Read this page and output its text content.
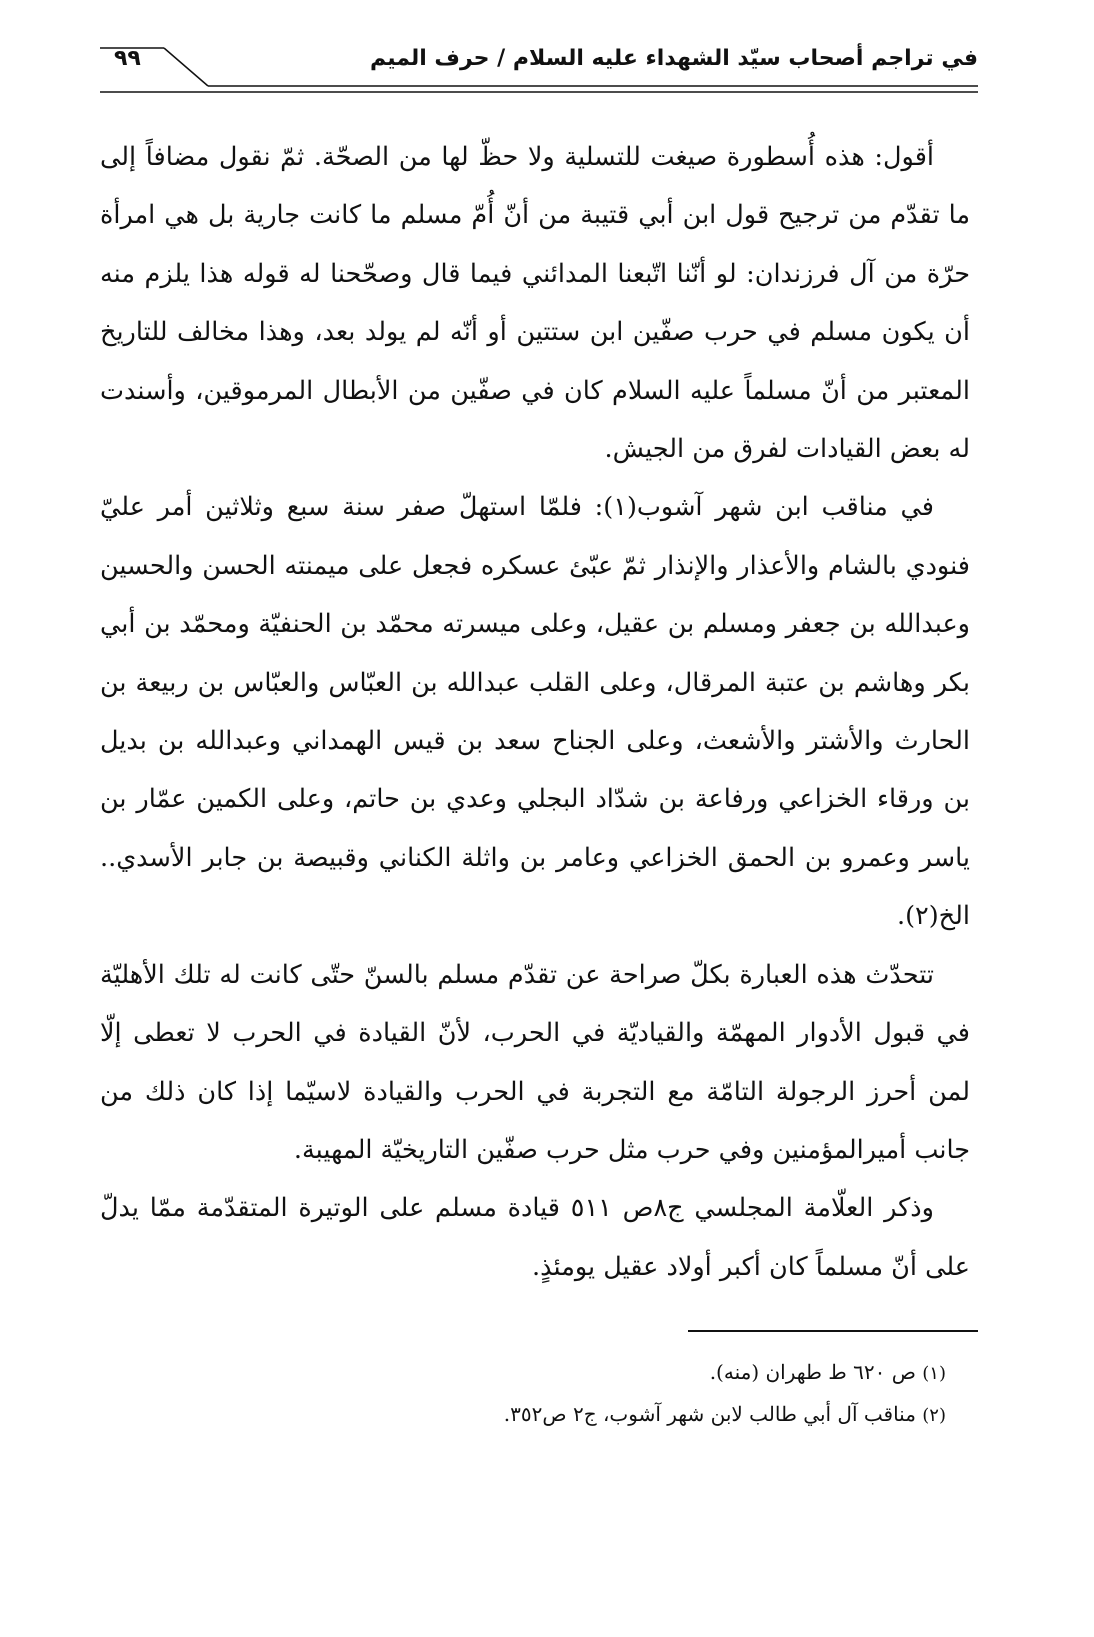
في تراجم أصحاب سيّد الشهداء عليه السلام / حرف الميم
٩٩

أقول: هذه أُسطورة صيغت للتسلية ولا حظّ لها من الصحّة. ثمّ نقول مضافاً إلى ما تقدّم من ترجيح قول ابن أبي قتيبة من أنّ أُمّ مسلم ما كانت جارية بل هي امرأة حرّة من آل فرزندان: لو أنّنا اتّبعنا المدائني فيما قال وصحّحنا له قوله هذا يلزم منه أن يكون مسلم في حرب صفّين ابن ستتين أو أنّه لم يولد بعد، وهذا مخالف للتاريخ المعتبر من أنّ مسلماً عليه السلام كان في صفّين من الأبطال المرموقين، وأسندت له بعض القيادات لفرق من الجيش.

في مناقب ابن شهر آشوب(١): فلمّا استهلّ صفر سنة سبع وثلاثين أمر عليّ فنودي بالشام والأعذار والإنذار ثمّ عبّئ عسكره فجعل على ميمنته الحسن والحسين وعبدالله بن جعفر ومسلم بن عقيل، وعلى ميسرته محمّد بن الحنفيّة ومحمّد بن أبي بكر وهاشم بن عتبة المرقال، وعلى القلب عبدالله بن العبّاس والعبّاس بن ربيعة بن الحارث والأشتر والأشعث، وعلى الجناح سعد بن قيس الهمداني وعبدالله بن بديل بن ورقاء الخزاعي ورفاعة بن شدّاد البجلي وعدي بن حاتم، وعلى الكمين عمّار بن ياسر وعمرو بن الحمق الخزاعي وعامر بن واثلة الكناني وقبيصة بن جابر الأسدي.. الخ(٢).

تتحدّث هذه العبارة بكلّ صراحة عن تقدّم مسلم بالسنّ حتّى كانت له تلك الأهليّة في قبول الأدوار المهمّة والقياديّة في الحرب، لأنّ القيادة في الحرب لا تعطى إلّا لمن أحرز الرجولة التامّة مع التجربة في الحرب والقيادة لاسيّما إذا كان ذلك من جانب أميرالمؤمنين وفي حرب مثل حرب صفّين التاريخيّة المهيبة.

وذكر العلّامة المجلسي ج٨ص ٥١١ قيادة مسلم على الوتيرة المتقدّمة ممّا يدلّ على أنّ مسلماً كان أكبر أولاد عقيل يومئذٍ.

(١) ص ٦٢٠ ط طهران (منه).

(٢) مناقب آل أبي طالب لابن شهر آشوب، ج٢ ص٣٥٢.
